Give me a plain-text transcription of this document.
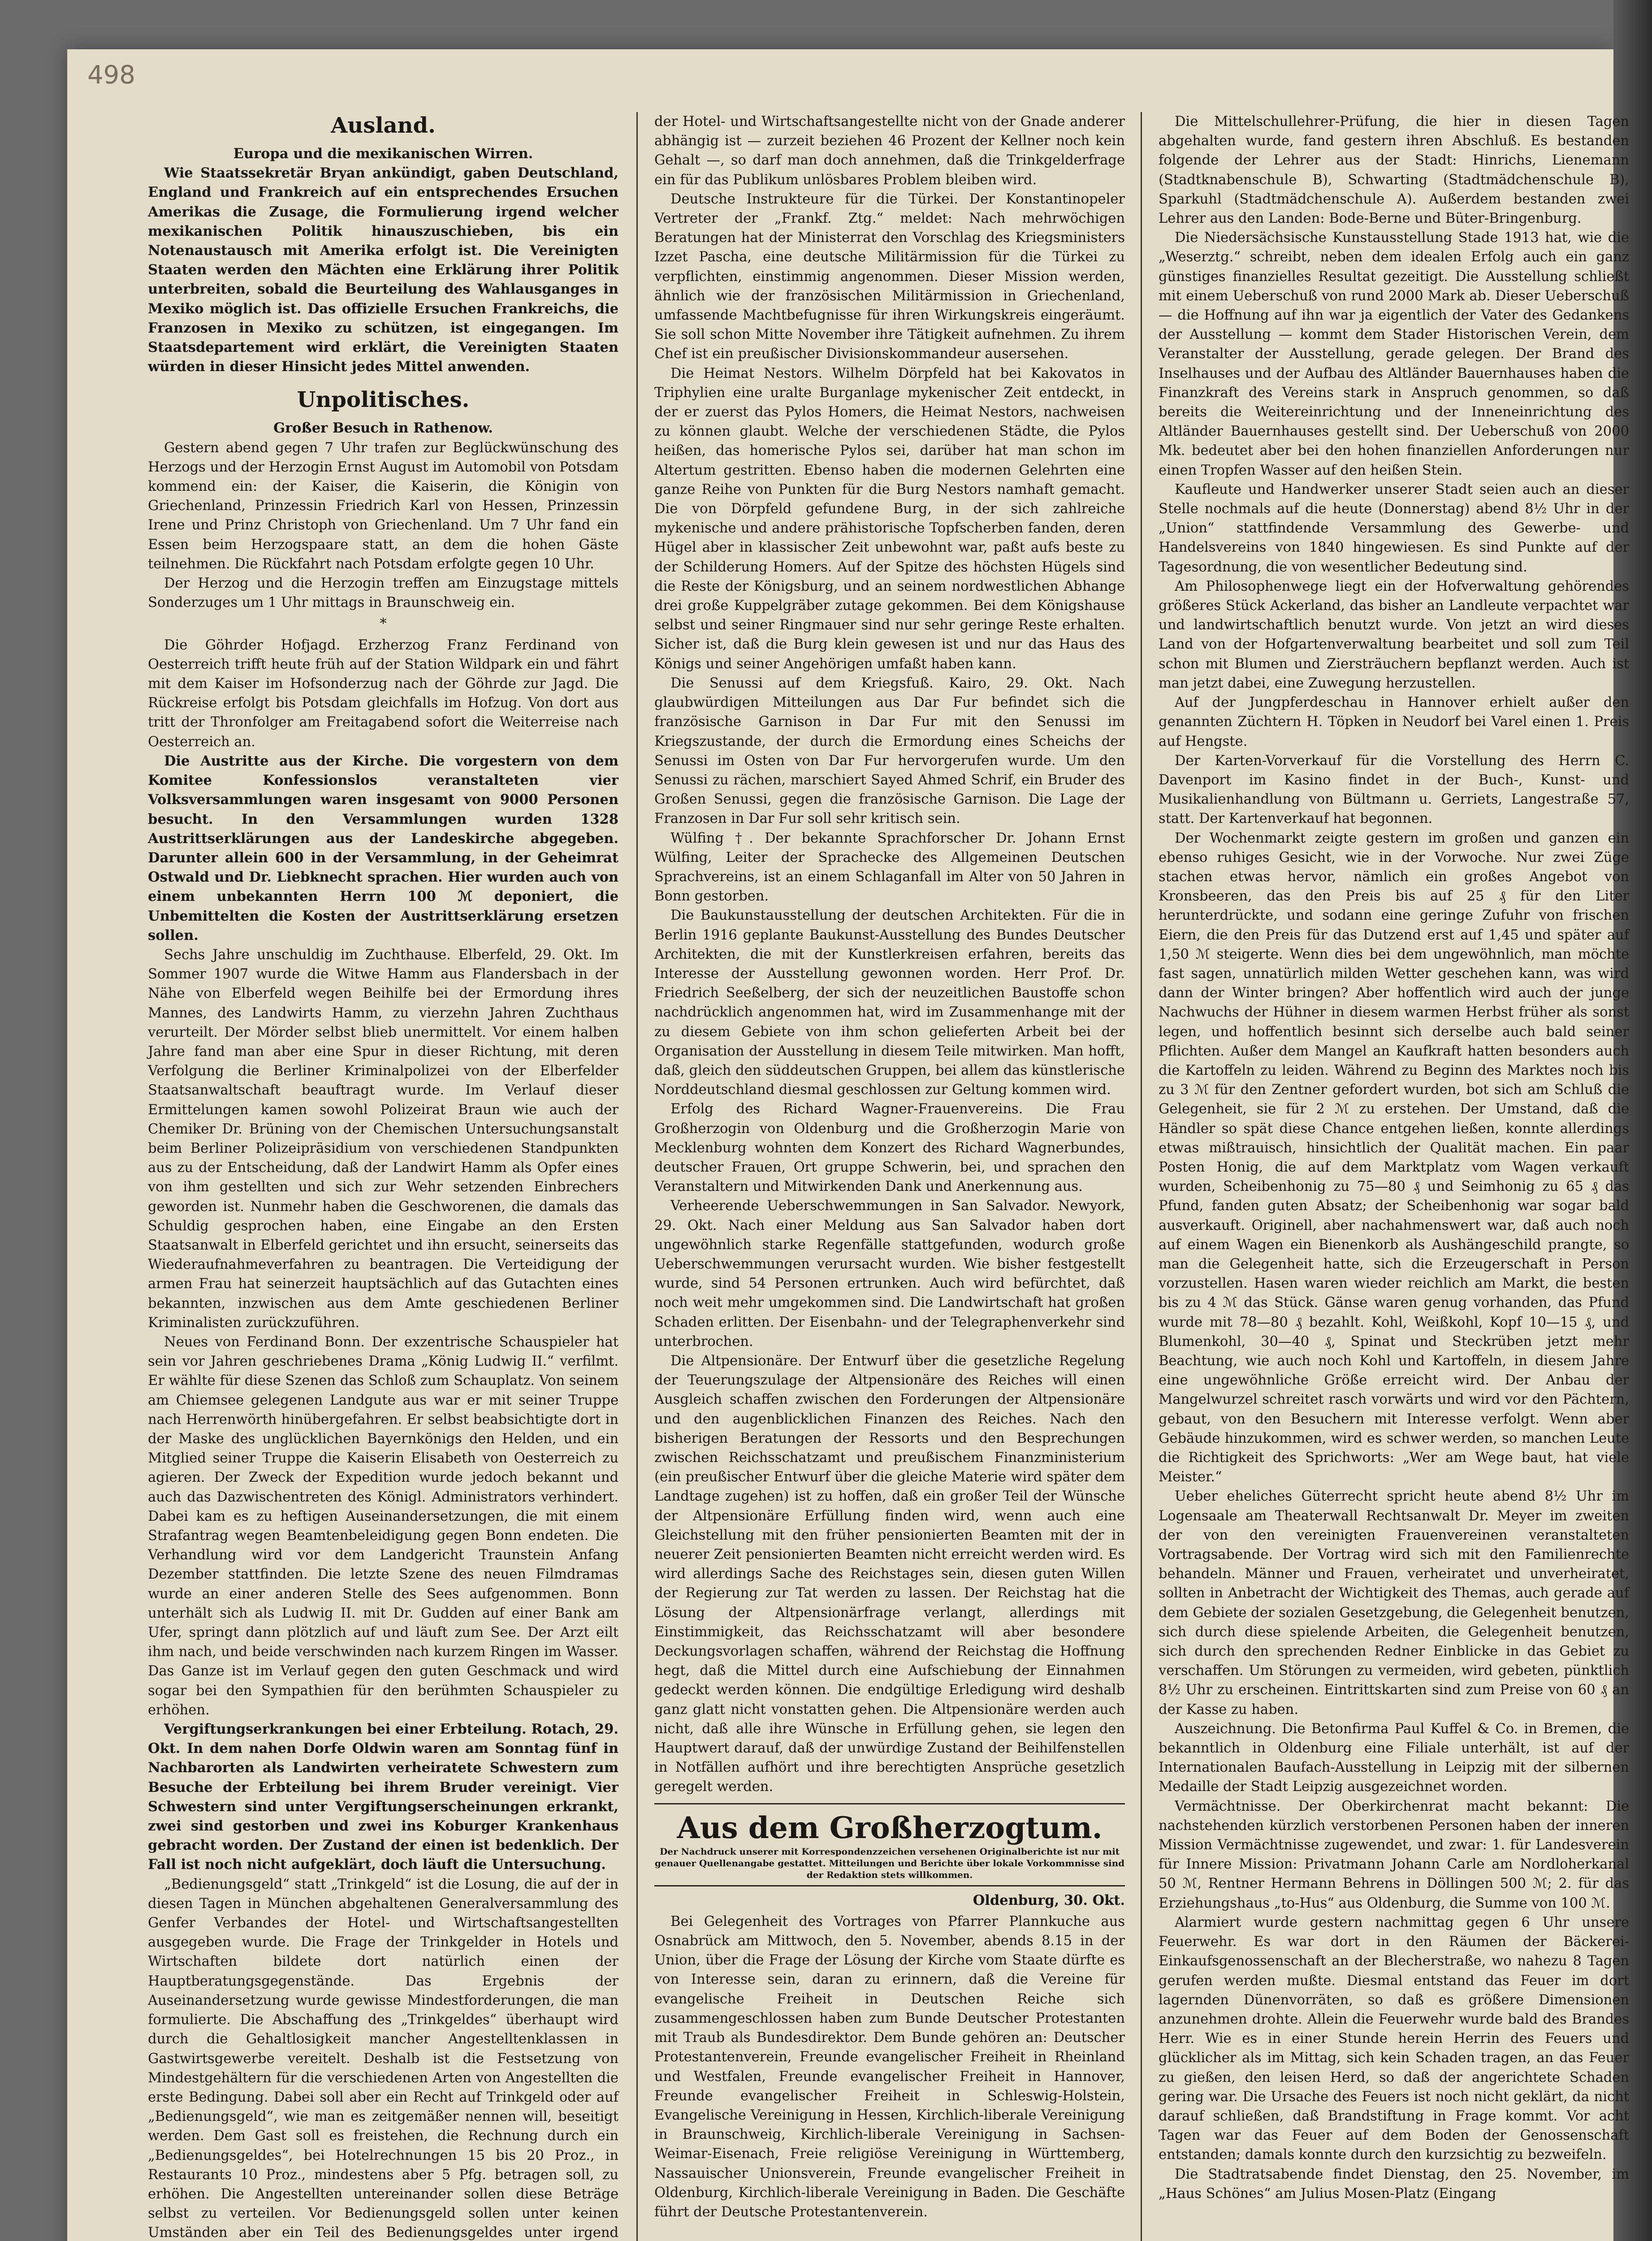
498
Ausland.
Europa und die mexikanischen Wirren.

Wie Staatssekretär Bryan ankündigt, gaben Deutschland, England und Frankreich auf ein entsprechendes Ersuchen Amerikas die Zusage, die Formulierung irgend welcher mexikanischen Politik hinauszuschieben, bis ein Notenaustausch mit Amerika erfolgt ist. Die Vereinigten Staaten werden den Mächten eine Erklärung ihrer Politik unterbreiten, sobald die Beurteilung des Wahlausganges in Mexiko möglich ist. Das offizielle Ersuchen Frankreichs, die Franzosen in Mexiko zu schützen, ist eingegangen. Im Staatsdepartement wird erklärt, die Vereinigten Staaten würden in dieser Hinsicht jedes Mittel anwenden.

Unpolitisches.
Großer Besuch in Rathenow.

Gestern abend gegen 7 Uhr trafen zur Beglückwünschung des Herzogs und der Herzogin Ernst August im Automobil von Potsdam kommend ein: der Kaiser, die Kaiserin, die Königin von Griechenland, Prinzessin Friedrich Karl von Hessen, Prinzessin Irene und Prinz Christoph von Griechenland. Um 7 Uhr fand ein Essen beim Herzogspaare statt, an dem die hohen Gäste teilnehmen. Die Rückfahrt nach Potsdam erfolgte gegen 10 Uhr.

Der Herzog und die Herzogin treffen am Einzugstage mittels Sonderzuges um 1 Uhr mittags in Braunschweig ein.

*

Die Göhrder Hofjagd. Erzherzog Franz Ferdinand von Oesterreich trifft heute früh auf der Station Wildpark ein und fährt mit dem Kaiser im Hofsonderzug nach der Göhrde zur Jagd. Die Rückreise erfolgt bis Potsdam gleichfalls im Hofzug. Von dort aus tritt der Thronfolger am Freitagabend sofort die Weiterreise nach Oesterreich an.

Die Austritte aus der Kirche. Die vorgestern von dem Komitee Konfessionslos veranstalteten vier Volksversammlungen waren insgesamt von 9000 Personen besucht. In den Versammlungen wurden 1328 Austrittserklärungen aus der Landeskirche abgegeben. Darunter allein 600 in der Versammlung, in der Geheimrat Ostwald und Dr. Liebknecht sprachen. Hier wurden auch von einem unbekannten Herrn 100 ℳ deponiert, die Unbemittelten die Kosten der Austrittserklärung ersetzen sollen.

Sechs Jahre unschuldig im Zuchthause. Elberfeld, 29. Okt. Im Sommer 1907 wurde die Witwe Hamm aus Flandersbach in der Nähe von Elberfeld wegen Beihilfe bei der Ermordung ihres Mannes, des Landwirts Hamm, zu vierzehn Jahren Zuchthaus verurteilt. Der Mörder selbst blieb unermittelt. Vor einem halben Jahre fand man aber eine Spur in dieser Richtung, mit deren Verfolgung die Berliner Kriminalpolizei von der Elberfelder Staatsanwaltschaft beauftragt wurde. Im Verlauf dieser Ermittelungen kamen sowohl Polizeirat Braun wie auch der Chemiker Dr. Brüning von der Chemischen Untersuchungsanstalt beim Berliner Polizeipräsidium von verschiedenen Standpunkten aus zu der Entscheidung, daß der Landwirt Hamm als Opfer eines von ihm gestellten und sich zur Wehr setzenden Einbrechers geworden ist. Nunmehr haben die Geschworenen, die damals das Schuldig gesprochen haben, eine Eingabe an den Ersten Staatsanwalt in Elberfeld gerichtet und ihn ersucht, seinerseits das Wiederaufnahmeverfahren zu beantragen. Die Verteidigung der armen Frau hat seinerzeit hauptsächlich auf das Gutachten eines bekannten, inzwischen aus dem Amte geschiedenen Berliner Kriminalisten zurückzuführen.

Neues von Ferdinand Bonn. Der exzentrische Schauspieler hat sein vor Jahren geschriebenes Drama „König Ludwig II.“ verfilmt. Er wählte für diese Szenen das Schloß zum Schauplatz. Von seinem am Chiemsee gelegenen Landgute aus war er mit seiner Truppe nach Herrenwörth hinübergefahren. Er selbst beabsichtigte dort in der Maske des unglücklichen Bayernkönigs den Helden, und ein Mitglied seiner Truppe die Kaiserin Elisabeth von Oesterreich zu agieren. Der Zweck der Expedition wurde jedoch bekannt und auch das Dazwischentreten des Königl. Administrators verhindert. Dabei kam es zu heftigen Auseinandersetzungen, die mit einem Strafantrag wegen Beamtenbeleidigung gegen Bonn endeten. Die Verhandlung wird vor dem Landgericht Traunstein Anfang Dezember stattfinden. Die letzte Szene des neuen Filmdramas wurde an einer anderen Stelle des Sees aufgenommen. Bonn unterhält sich als Ludwig II. mit Dr. Gudden auf einer Bank am Ufer, springt dann plötzlich auf und läuft zum See. Der Arzt eilt ihm nach, und beide verschwinden nach kurzem Ringen im Wasser. Das Ganze ist im Verlauf gegen den guten Geschmack und wird sogar bei den Sympathien für den berühmten Schauspieler zu erhöhen.

Vergiftungserkrankungen bei einer Erbteilung. Rotach, 29. Okt. In dem nahen Dorfe Oldwin waren am Sonntag fünf in Nachbarorten als Landwirten verheiratete Schwestern zum Besuche der Erbteilung bei ihrem Bruder vereinigt. Vier Schwestern sind unter Vergiftungserscheinungen erkrankt, zwei sind gestorben und zwei ins Koburger Krankenhaus gebracht worden. Der Zustand der einen ist bedenklich. Der Fall ist noch nicht aufgeklärt, doch läuft die Untersuchung.

„Bedienungsgeld“ statt „Trinkgeld“ ist die Losung, die auf der in diesen Tagen in München abgehaltenen Generalversammlung des Genfer Verbandes der Hotel- und Wirtschaftsangestellten ausgegeben wurde. Die Frage der Trinkgelder in Hotels und Wirtschaften bildete dort natürlich einen der Hauptberatungsgegenstände. Das Ergebnis der Auseinandersetzung wurde gewisse Mindestforderungen, die man formulierte. Die Abschaffung des „Trinkgeldes“ überhaupt wird durch die Gehaltlosigkeit mancher Angestelltenklassen in Gastwirtsgewerbe vereitelt. Deshalb ist die Festsetzung von Mindestgehältern für die verschiedenen Arten von Angestellten die erste Bedingung. Dabei soll aber ein Recht auf Trinkgeld oder auf „Bedienungsgeld“, wie man es zeitgemäßer nennen will, beseitigt werden. Dem Gast soll es freistehen, die Rechnung durch ein „Bedienungsgeldes“, bei Hotelrechnungen 15 bis 20 Proz., in Restaurants 10 Proz., mindestens aber 5 Pfg. betragen soll, zu erhöhen. Die Angestellten untereinander sollen diese Beträge selbst zu verteilen. Vor Bedienungsgeld sollen unter keinen Umständen aber ein Teil des Bedienungsgeldes unter irgend

der Hotel- und Wirtschaftsangestellte nicht von der Gnade anderer abhängig ist — zurzeit beziehen 46 Prozent der Kellner noch kein Gehalt —, so darf man doch annehmen, daß die Trinkgelderfrage ein für das Publikum unlösbares Problem bleiben wird.

Deutsche Instrukteure für die Türkei. Der Konstantinopeler Vertreter der „Frankf. Ztg.“ meldet: Nach mehrwöchigen Beratungen hat der Ministerrat den Vorschlag des Kriegsministers Izzet Pascha, eine deutsche Militärmission für die Türkei zu verpflichten, einstimmig angenommen. Dieser Mission werden, ähnlich wie der französischen Militärmission in Griechenland, umfassende Machtbefugnisse für ihren Wirkungskreis eingeräumt. Sie soll schon Mitte November ihre Tätigkeit aufnehmen. Zu ihrem Chef ist ein preußischer Divisionskommandeur ausersehen.

Die Heimat Nestors. Wilhelm Dörpfeld hat bei Kakovatos in Triphylien eine uralte Burganlage mykenischer Zeit entdeckt, in der er zuerst das Pylos Homers, die Heimat Nestors, nachweisen zu können glaubt. Welche der verschiedenen Städte, die Pylos heißen, das homerische Pylos sei, darüber hat man schon im Altertum gestritten. Ebenso haben die modernen Gelehrten eine ganze Reihe von Punkten für die Burg Nestors namhaft gemacht. Die von Dörpfeld gefundene Burg, in der sich zahlreiche mykenische und andere prähistorische Topfscherben fanden, deren Hügel aber in klassischer Zeit unbewohnt war, paßt aufs beste zu der Schilderung Homers. Auf der Spitze des höchsten Hügels sind die Reste der Königsburg, und an seinem nordwestlichen Abhange drei große Kuppelgräber zutage gekommen. Bei dem Königshause selbst und seiner Ringmauer sind nur sehr geringe Reste erhalten. Sicher ist, daß die Burg klein gewesen ist und nur das Haus des Königs und seiner Angehörigen umfaßt haben kann.

Die Senussi auf dem Kriegsfuß. Kairo, 29. Okt. Nach glaubwürdigen Mitteilungen aus Dar Fur befindet sich die französische Garnison in Dar Fur mit den Senussi im Kriegszustande, der durch die Ermordung eines Scheichs der Senussi im Osten von Dar Fur hervorgerufen wurde. Um den Senussi zu rächen, marschiert Sayed Ahmed Schrif, ein Bruder des Großen Senussi, gegen die französische Garnison. Die Lage der Franzosen in Dar Fur soll sehr kritisch sein.

Wülfing †. Der bekannte Sprachforscher Dr. Johann Ernst Wülfing, Leiter der Sprachecke des Allgemeinen Deutschen Sprachvereins, ist an einem Schlaganfall im Alter von 50 Jahren in Bonn gestorben.

Die Baukunstausstellung der deutschen Architekten. Für die in Berlin 1916 geplante Baukunst-Ausstellung des Bundes Deutscher Architekten, die mit der Kunstlerkreisen erfahren, bereits das Interesse der Ausstellung gewonnen worden. Herr Prof. Dr. Friedrich Seeßelberg, der sich der neuzeitlichen Baustoffe schon nachdrücklich angenommen hat, wird im Zusammenhange mit der zu diesem Gebiete von ihm schon gelieferten Arbeit bei der Organisation der Ausstellung in diesem Teile mitwirken. Man hofft, daß, gleich den süddeutschen Gruppen, bei allem das künstlerische Norddeutschland diesmal geschlossen zur Geltung kommen wird.

Erfolg des Richard Wagner-Frauenvereins. Die Frau Großherzogin von Oldenburg und die Großherzogin Marie von Mecklenburg wohnten dem Konzert des Richard Wagnerbundes, deutscher Frauen, Ort gruppe Schwerin, bei, und sprachen den Veranstaltern und Mitwirkenden Dank und Anerkennung aus.

Verheerende Ueberschwemmungen in San Salvador. Newyork, 29. Okt. Nach einer Meldung aus San Salvador haben dort ungewöhnlich starke Regenfälle stattgefunden, wodurch große Ueberschwemmungen verursacht wurden. Wie bisher festgestellt wurde, sind 54 Personen ertrunken. Auch wird befürchtet, daß noch weit mehr umgekommen sind. Die Landwirtschaft hat großen Schaden erlitten. Der Eisenbahn- und der Telegraphenverkehr sind unterbrochen.

Die Altpensionäre. Der Entwurf über die gesetzliche Regelung der Teuerungszulage der Altpensionäre des Reiches will einen Ausgleich schaffen zwischen den Forderungen der Altpensionäre und den augenblicklichen Finanzen des Reiches. Nach den bisherigen Beratungen der Ressorts und den Besprechungen zwischen Reichsschatzamt und preußischem Finanzministerium (ein preußischer Entwurf über die gleiche Materie wird später dem Landtage zugehen) ist zu hoffen, daß ein großer Teil der Wünsche der Altpensionäre Erfüllung finden wird, wenn auch eine Gleichstellung mit den früher pensionierten Beamten mit der in neuerer Zeit pensionierten Beamten nicht erreicht werden wird. Es wird allerdings Sache des Reichstages sein, diesen guten Willen der Regierung zur Tat werden zu lassen. Der Reichstag hat die Lösung der Altpensionärfrage verlangt, allerdings mit Einstimmigkeit, das Reichsschatzamt will aber besondere Deckungsvorlagen schaffen, während der Reichstag die Hoffnung hegt, daß die Mittel durch eine Aufschiebung der Einnahmen gedeckt werden können. Die endgültige Erledigung wird deshalb ganz glatt nicht vonstatten gehen. Die Altpensionäre werden auch nicht, daß alle ihre Wünsche in Erfüllung gehen, sie legen den Hauptwert darauf, daß der unwürdige Zustand der Beihilfenstellen in Notfällen aufhört und ihre berechtigten Ansprüche gesetzlich geregelt werden.

Aus dem Großherzogtum.
Der Nachdruck unserer mit Korrespondenzzeichen versehenen Originalberichte ist nur mit genauer Quellenangabe gestattet. Mitteilungen und Berichte über lokale Vorkommnisse sind der Redaktion stets willkommen.
Oldenburg, 30. Okt.

Bei Gelegenheit des Vortrages von Pfarrer Plannkuche aus Osnabrück am Mittwoch, den 5. November, abends 8.15 in der Union, über die Frage der Lösung der Kirche vom Staate dürfte es von Interesse sein, daran zu erinnern, daß die Vereine für evangelische Freiheit in Deutschen Reiche sich zusammengeschlossen haben zum Bunde Deutscher Protestanten mit Traub als Bundesdirektor. Dem Bunde gehören an: Deutscher Protestantenverein, Freunde evangelischer Freiheit in Rheinland und Westfalen, Freunde evangelischer Freiheit in Hannover, Freunde evangelischer Freiheit in Schleswig-Holstein, Evangelische Vereinigung in Hessen, Kirchlich-liberale Vereinigung in Braunschweig, Kirchlich-liberale Vereinigung in Sachsen-Weimar-Eisenach, Freie religiöse Vereinigung in Württemberg, Nassauischer Unionsverein, Freunde evangelischer Freiheit in Oldenburg, Kirchlich-liberale Vereinigung in Baden. Die Geschäfte führt der Deutsche Protestantenverein.

Die Mittelschullehrer-Prüfung, die hier in diesen Tagen abgehalten wurde, fand gestern ihren Abschluß. Es bestanden folgende der Lehrer aus der Stadt: Hinrichs, Lienemann (Stadtknabenschule B), Schwarting (Stadtmädchenschule B), Sparkuhl (Stadtmädchenschule A). Außerdem bestanden zwei Lehrer aus den Landen: Bode-Berne und Büter-Bringenburg.

Die Niedersächsische Kunstausstellung Stade 1913 hat, wie die „Weserztg.“ schreibt, neben dem idealen Erfolg auch ein ganz günstiges finanzielles Resultat gezeitigt. Die Ausstellung schließt mit einem Ueberschuß von rund 2000 Mark ab. Dieser Ueberschuß — die Hoffnung auf ihn war ja eigentlich der Vater des Gedankens der Ausstellung — kommt dem Stader Historischen Verein, dem Veranstalter der Ausstellung, gerade gelegen. Der Brand des Inselhauses und der Aufbau des Altländer Bauernhauses haben die Finanzkraft des Vereins stark in Anspruch genommen, so daß bereits die Weitereinrichtung und der Inneneinrichtung des Altländer Bauernhauses gestellt sind. Der Ueberschuß von 2000 Mk. bedeutet aber bei den hohen finanziellen Anforderungen nur einen Tropfen Wasser auf den heißen Stein.

Kaufleute und Handwerker unserer Stadt seien auch an dieser Stelle nochmals auf die heute (Donnerstag) abend 8½ Uhr in der „Union“ stattfindende Versammlung des Gewerbe- und Handelsvereins von 1840 hingewiesen. Es sind Punkte auf der Tagesordnung, die von wesentlicher Bedeutung sind.

Am Philosophenwege liegt ein der Hofverwaltung gehörendes größeres Stück Ackerland, das bisher an Landleute verpachtet war und landwirtschaftlich benutzt wurde. Von jetzt an wird dieses Land von der Hofgartenverwaltung bearbeitet und soll zum Teil schon mit Blumen und Ziersträuchern bepflanzt werden. Auch ist man jetzt dabei, eine Zuwegung herzustellen.

Auf der Jungpferdeschau in Hannover erhielt außer den genannten Züchtern H. Töpken in Neudorf bei Varel einen 1. Preis auf Hengste.

Der Karten-Vorverkauf für die Vorstellung des Herrn C. Davenport im Kasino findet in der Buch-, Kunst- und Musikalienhandlung von Bültmann u. Gerriets, Langestraße 57, statt. Der Kartenverkauf hat begonnen.

Der Wochenmarkt zeigte gestern im großen und ganzen ein ebenso ruhiges Gesicht, wie in der Vorwoche. Nur zwei Züge stachen etwas hervor, nämlich ein großes Angebot von Kronsbeeren, das den Preis bis auf 25 ₰ für den Liter herunterdrückte, und sodann eine geringe Zufuhr von frischen Eiern, die den Preis für das Dutzend erst auf 1,45 und später auf 1,50 ℳ steigerte. Wenn dies bei dem ungewöhnlich, man möchte fast sagen, unnatürlich milden Wetter geschehen kann, was wird dann der Winter bringen? Aber hoffentlich wird auch der junge Nachwuchs der Hühner in diesem warmen Herbst früher als sonst legen, und hoffentlich besinnt sich derselbe auch bald seiner Pflichten. Außer dem Mangel an Kaufkraft hatten besonders auch die Kartoffeln zu leiden. Während zu Beginn des Marktes noch bis zu 3 ℳ für den Zentner gefordert wurden, bot sich am Schluß die Gelegenheit, sie für 2 ℳ zu erstehen. Der Umstand, daß die Händler so spät diese Chance entgehen ließen, konnte allerdings etwas mißtrauisch, hinsichtlich der Qualität machen. Ein paar Posten Honig, die auf dem Marktplatz vom Wagen verkauft wurden, Scheibenhonig zu 75—80 ₰ und Seimhonig zu 65 ₰ das Pfund, fanden guten Absatz; der Scheibenhonig war sogar bald ausverkauft. Originell, aber nachahmenswert war, daß auch noch auf einem Wagen ein Bienenkorb als Aushängeschild prangte, so man die Gelegenheit hatte, sich die Erzeugerschaft in Person vorzustellen. Hasen waren wieder reichlich am Markt, die besten bis zu 4 ℳ das Stück. Gänse waren genug vorhanden, das Pfund wurde mit 78—80 ₰ bezahlt. Kohl, Weißkohl, Kopf 10—15 ₰, und Blumenkohl, 30—40 ₰, Spinat und Steckrüben jetzt mehr Beachtung, wie auch noch Kohl und Kartoffeln, in diesem Jahre eine ungewöhnliche Größe erreicht wird. Der Anbau der Mangelwurzel schreitet rasch vorwärts und wird vor den Pächtern, gebaut, von den Besuchern mit Interesse verfolgt. Wenn aber Gebäude hinzukommen, wird es schwer werden, so manchen Leute die Richtigkeit des Sprichworts: „Wer am Wege baut, hat viele Meister.“

Ueber eheliches Güterrecht spricht heute abend 8½ Uhr im Logensaale am Theaterwall Rechtsanwalt Dr. Meyer im zweiten der von den vereinigten Frauenvereinen veranstalteten Vortragsabende. Der Vortrag wird sich mit den Familienrechte behandeln. Männer und Frauen, verheiratet und unverheiratet, sollten in Anbetracht der Wichtigkeit des Themas, auch gerade auf dem Gebiete der sozialen Gesetzgebung, die Gelegenheit benutzen, sich durch diese spielende Arbeiten, die Gelegenheit benutzen, sich durch den sprechenden Redner Einblicke in das Gebiet zu verschaffen. Um Störungen zu vermeiden, wird gebeten, pünktlich 8½ Uhr zu erscheinen. Eintrittskarten sind zum Preise von 60 ₰ an der Kasse zu haben.

Auszeichnung. Die Betonfirma Paul Kuffel & Co. in Bremen, die bekanntlich in Oldenburg eine Filiale unterhält, ist auf der Internationalen Baufach-Ausstellung in Leipzig mit der silbernen Medaille der Stadt Leipzig ausgezeichnet worden.

Vermächtnisse. Der Oberkirchenrat macht bekannt: Die nachstehenden kürzlich verstorbenen Personen haben der inneren Mission Vermächtnisse zugewendet, und zwar: 1. für Landesverein für Innere Mission: Privatmann Johann Carle am Nordloherkanal 50 ℳ, Rentner Hermann Behrens in Döllingen 500 ℳ; 2. für das Erziehungshaus „to-Hus“ aus Oldenburg, die Summe von 100 ℳ.

Alarmiert wurde gestern nachmittag gegen 6 Uhr unsere Feuerwehr. Es war dort in den Räumen der Bäckerei-Einkaufsgenossenschaft an der Blecherstraße, wo nahezu 8 Tagen gerufen werden mußte. Diesmal entstand das Feuer im dort lagernden Dünenvorräten, so daß es größere Dimensionen anzunehmen drohte. Allein die Feuerwehr wurde bald des Brandes Herr. Wie es in einer Stunde herein Herrin des Feuers und glücklicher als im Mittag, sich kein Schaden tragen, an das Feuer zu gießen, den leisen Herd, so daß der angerichtete Schaden gering war. Die Ursache des Feuers ist noch nicht geklärt, da nicht darauf schließen, daß Brandstiftung in Frage kommt. Vor acht Tagen war das Feuer auf dem Boden der Genossenschaft entstanden; damals konnte durch den kurzsichtig zu bezweifeln.

Die Stadtratsabende findet Dienstag, den 25. November, im „Haus Schönes“ am Julius Mosen-Platz (Eingang
